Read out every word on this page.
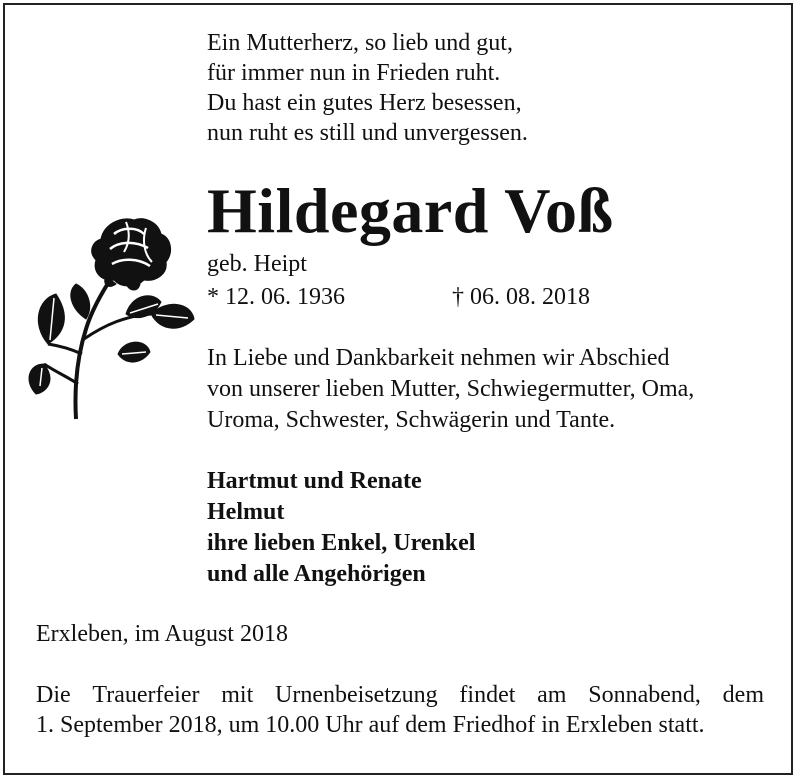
Ein Mutterherz, so lieb und gut,
für immer nun in Frieden ruht.
Du hast ein gutes Herz besessen,
nun ruht es still und unvergessen.
Hildegard Voß
geb. Heipt
* 12. 06. 1936	† 06. 08. 2018
In Liebe und Dankbarkeit nehmen wir Abschied
von unserer lieben Mutter, Schwiegermutter, Oma,
Uroma, Schwester, Schwägerin und Tante.
Hartmut und Renate
Helmut
ihre lieben Enkel, Urenkel
und alle Angehörigen
Erxleben, im August 2018
Die Trauerfeier mit Urnenbeisetzung findet am Sonnabend, dem
1. September 2018, um 10.00 Uhr auf dem Friedhof in Erxleben statt.
